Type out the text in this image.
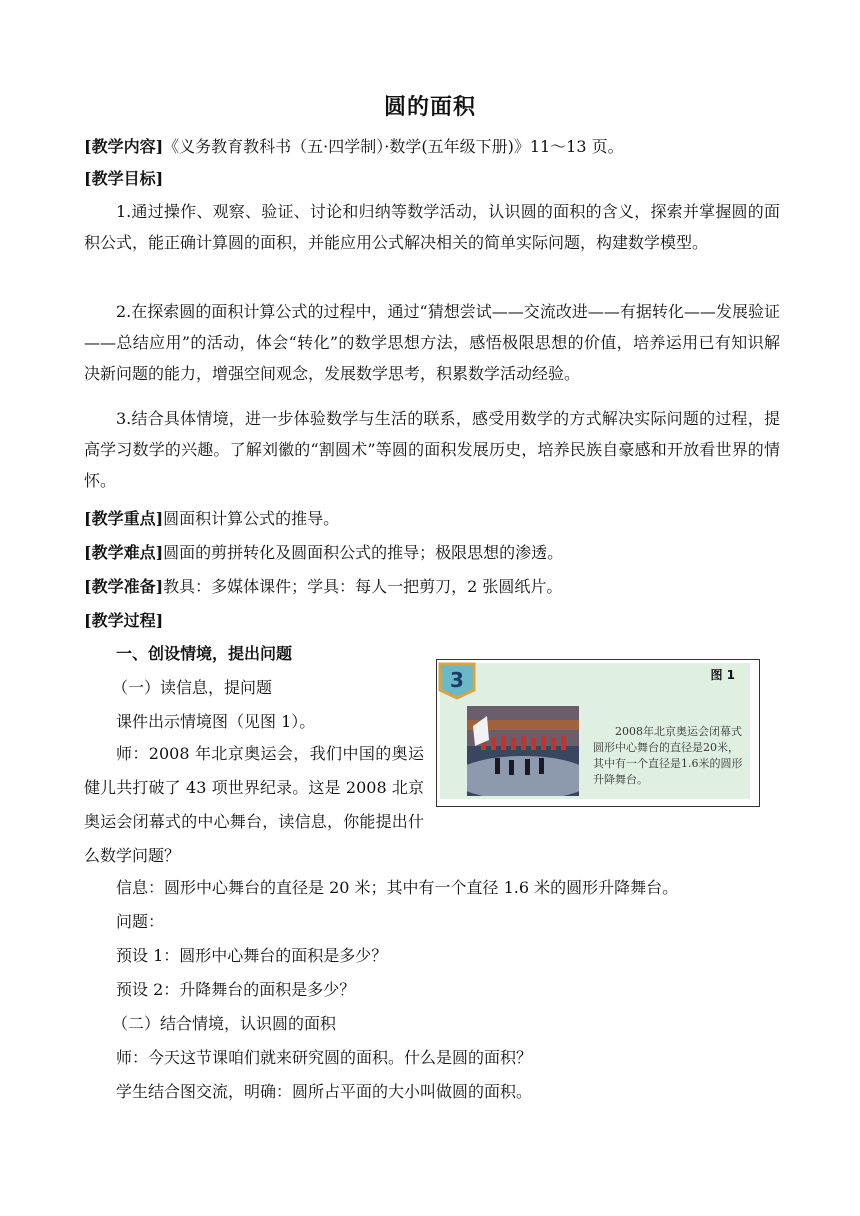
圆的面积
[教学内容]《义务教育教科书（五·四学制）·数学(五年级下册)》11～13 页。
[教学目标]
1.通过操作、观察、验证、讨论和归纳等数学活动，认识圆的面积的含义，探索并掌握圆的面积公式，能正确计算圆的面积，并能应用公式解决相关的简单实际问题，构建数学模型。
2.在探索圆的面积计算公式的过程中，通过“猜想尝试——交流改进——有据转化——发展验证——总结应用”的活动，体会“转化”的数学思想方法，感悟极限思想的价值，培养运用已有知识解决新问题的能力，增强空间观念，发展数学思考，积累数学活动经验。
3.结合具体情境，进一步体验数学与生活的联系，感受用数学的方式解决实际问题的过程，提高学习数学的兴趣。了解刘徽的“割圆术”等圆的面积发展历史，培养民族自豪感和开放看世界的情怀。
[教学重点]圆面积计算公式的推导。
[教学难点]圆面的剪拼转化及圆面积公式的推导；极限思想的渗透。
[教学准备]教具：多媒体课件；学具：每人一把剪刀，2 张圆纸片。
[教学过程]
一、创设情境，提出问题
（一）读信息，提问题
课件出示情境图（见图 1）。
师：2008 年北京奥运会，我们中国的奥运健儿共打破了 43 项世界纪录。这是 2008 北京奥运会闭幕式的中心舞台，读信息，你能提出什么数学问题？
3	图 1
2008年北京奥运会闭幕式圆形中心舞台的直径是20米，其中有一个直径是1.6米的圆形升降舞台。
信息：圆形中心舞台的直径是 20 米；其中有一个直径 1.6 米的圆形升降舞台。
问题：
预设 1：圆形中心舞台的面积是多少？
预设 2：升降舞台的面积是多少？
（二）结合情境，认识圆的面积
师：今天这节课咱们就来研究圆的面积。什么是圆的面积？
学生结合图交流，明确：圆所占平面的大小叫做圆的面积。
